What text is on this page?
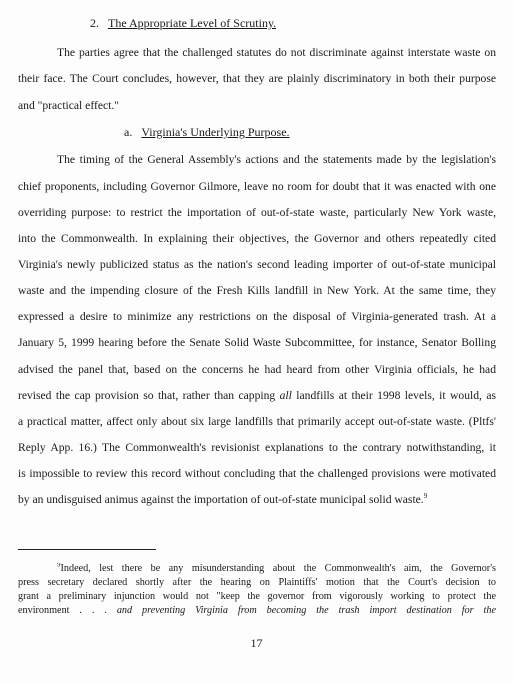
2. The Appropriate Level of Scrutiny.
The parties agree that the challenged statutes do not discriminate against interstate waste on
their face. The Court concludes, however, that they are plainly discriminatory in both their purpose
and "practical effect."
a. Virginia's Underlying Purpose.
The timing of the General Assembly's actions and the statements made by the legislation's
chief proponents, including Governor Gilmore, leave no room for doubt that it was enacted with one
overriding purpose: to restrict the importation of out-of-state waste, particularly New York waste,
into the Commonwealth. In explaining their objectives, the Governor and others repeatedly cited
Virginia's newly publicized status as the nation's second leading importer of out-of-state municipal
waste and the impending closure of the Fresh Kills landfill in New York. At the same time, they
expressed a desire to minimize any restrictions on the disposal of Virginia-generated trash. At a
January 5, 1999 hearing before the Senate Solid Waste Subcommittee, for instance, Senator Bolling
advised the panel that, based on the concerns he had heard from other Virginia officials, he had
revised the cap provision so that, rather than capping all landfills at their 1998 levels, it would, as
a practical matter, affect only about six large landfills that primarily accept out-of-state waste. (Pltfs'
Reply App. 16.) The Commonwealth's revisionist explanations to the contrary notwithstanding, it
is impossible to review this record without concluding that the challenged provisions were motivated
by an undisguised animus against the importation of out-of-state municipal solid waste.$^9$
$^9$Indeed, lest there be any misunderstanding about the Commonwealth's aim, the Governor's
press secretary declared shortly after the hearing on Plaintiffs' motion that the Court's decision to
grant a preliminary injunction would not "keep the governor from vigorously working to protect the
environment . . . and preventing Virginia from becoming the trash import destination for the
17
